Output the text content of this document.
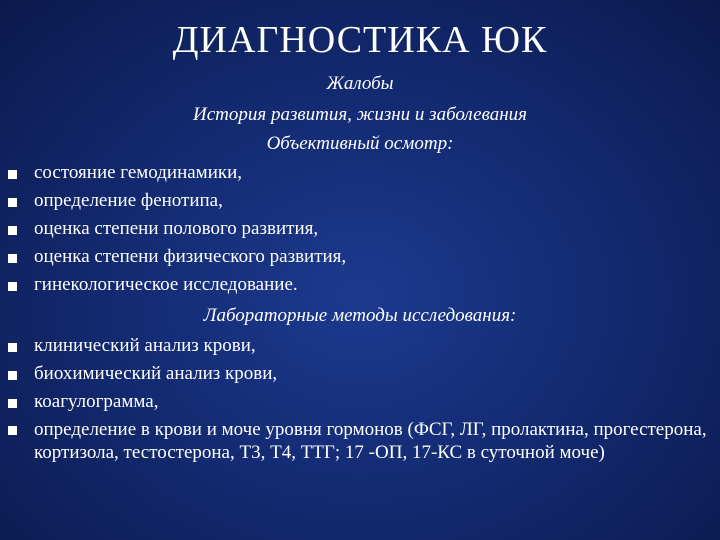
ДИАГНОСТИКА ЮК
Жалобы
История развития, жизни и заболевания
Объективный осмотр:
состояние гемодинамики,
определение фенотипа,
оценка степени полового развития,
оценка степени физического развития,
гинекологическое исследование.
Лабораторные методы исследования:
клинический анализ крови,
биохимический анализ крови,
коагулограмма,
определение в крови и моче уровня гормонов (ФСГ, ЛГ, пролактина, прогестерона, кортизола, тестостерона, Т3, Т4, ТТГ; 17 -ОП, 17-КС в суточной моче)
